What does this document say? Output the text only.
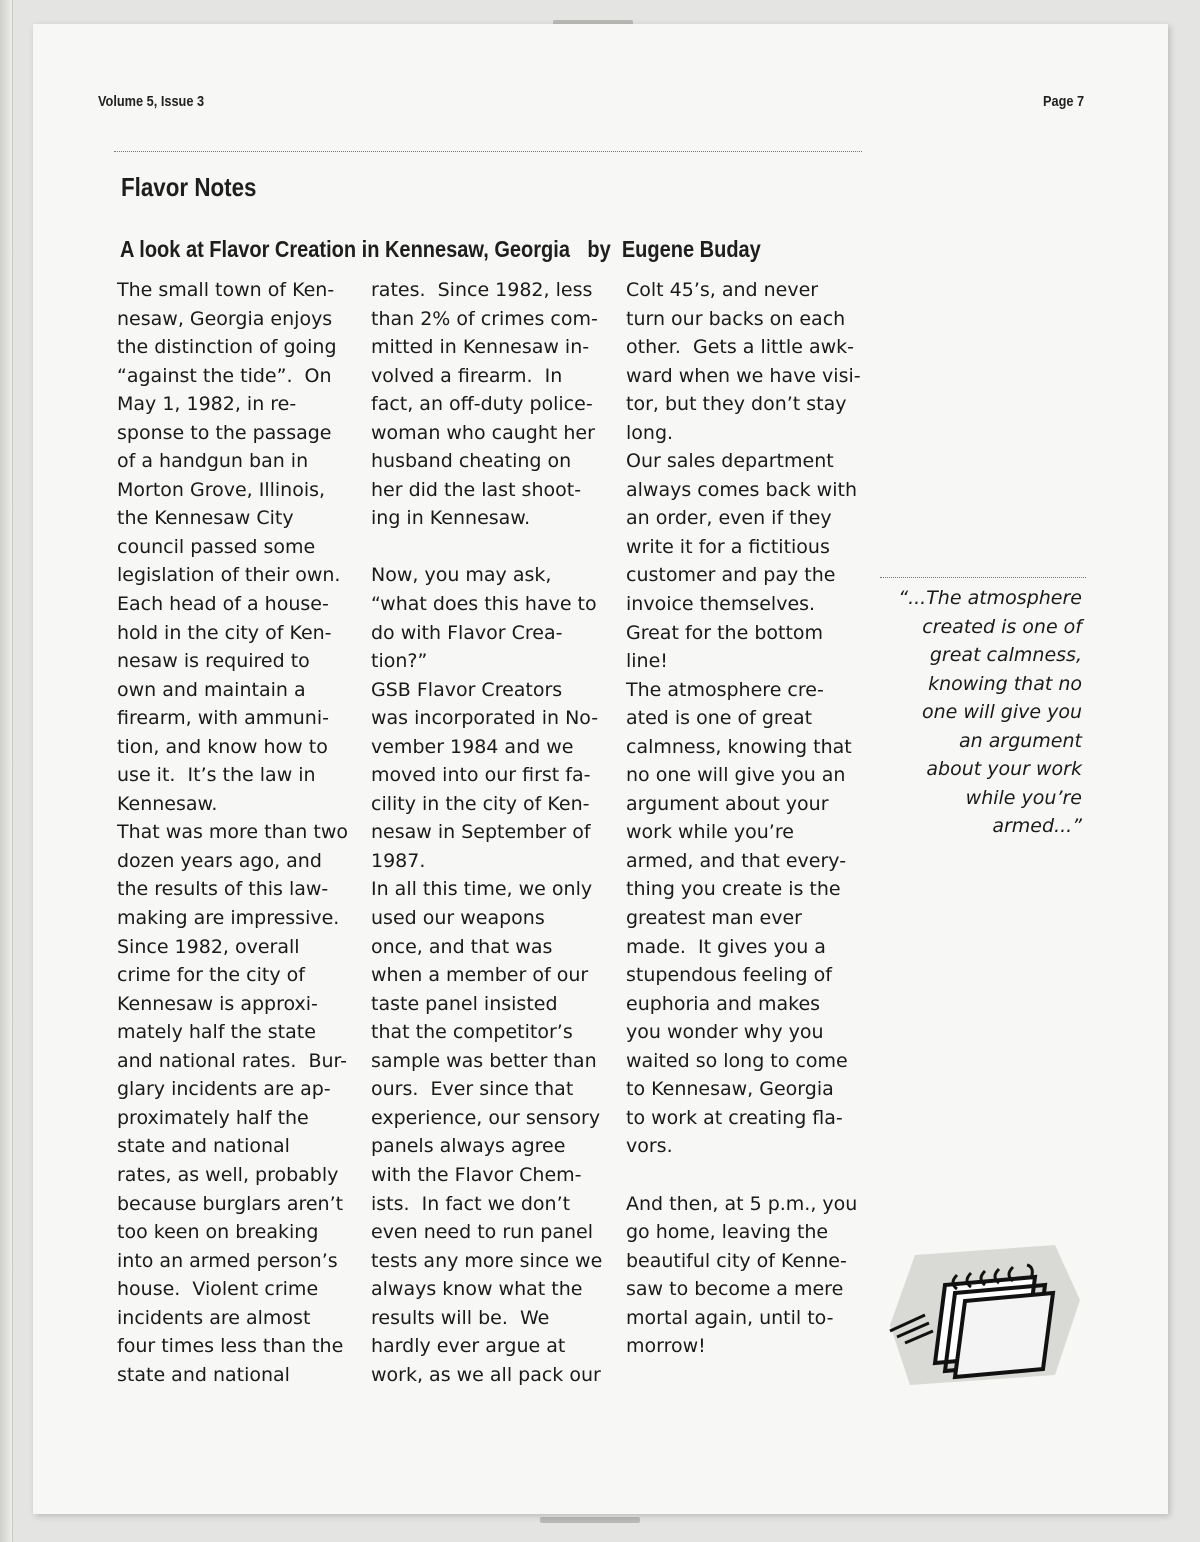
Volume 5, Issue 3	Page 7
Flavor Notes
A look at Flavor Creation in Kennesaw, Georgia by  Eugene Buday
The small town of Ken-
nesaw, Georgia enjoys
the distinction of going
“against the tide”.  On
May 1, 1982, in re-
sponse to the passage
of a handgun ban in
Morton Grove, Illinois,
the Kennesaw City
council passed some
legislation of their own.
Each head of a house-
hold in the city of Ken-
nesaw is required to
own and maintain a
firearm, with ammuni-
tion, and know how to
use it.  It’s the law in
Kennesaw.
That was more than two
dozen years ago, and
the results of this law-
making are impressive.
Since 1982, overall
crime for the city of
Kennesaw is approxi-
mately half the state
and national rates.  Bur-
glary incidents are ap-
proximately half the
state and national
rates, as well, probably
because burglars aren’t
too keen on breaking
into an armed person’s
house.  Violent crime
incidents are almost
four times less than the
state and national
rates.  Since 1982, less
than 2% of crimes com-
mitted in Kennesaw in-
volved a firearm.  In
fact, an off-duty police-
woman who caught her
husband cheating on
her did the last shoot-
ing in Kennesaw.
Now, you may ask,
“what does this have to
do with Flavor Crea-
tion?”
GSB Flavor Creators
was incorporated in No-
vember 1984 and we
moved into our first fa-
cility in the city of Ken-
nesaw in September of
1987.
In all this time, we only
used our weapons
once, and that was
when a member of our
taste panel insisted
that the competitor’s
sample was better than
ours.  Ever since that
experience, our sensory
panels always agree
with the Flavor Chem-
ists.  In fact we don’t
even need to run panel
tests any more since we
always know what the
results will be.  We
hardly ever argue at
work, as we all pack our
Colt 45’s, and never
turn our backs on each
other.  Gets a little awk-
ward when we have visi-
tor, but they don’t stay
long.
Our sales department
always comes back with
an order, even if they
write it for a fictitious
customer and pay the
invoice themselves.
Great for the bottom
line!
The atmosphere cre-
ated is one of great
calmness, knowing that
no one will give you an
argument about your
work while you’re
armed, and that every-
thing you create is the
greatest man ever
made.  It gives you a
stupendous feeling of
euphoria and makes
you wonder why you
waited so long to come
to Kennesaw, Georgia
to work at creating fla-
vors.
And then, at 5 p.m., you
go home, leaving the
beautiful city of Kenne-
saw to become a mere
mortal again, until to-
morrow!
“...The atmosphere
created is one of
great calmness,
knowing that no
one will give you
an argument
about your work
while you’re
armed...”
